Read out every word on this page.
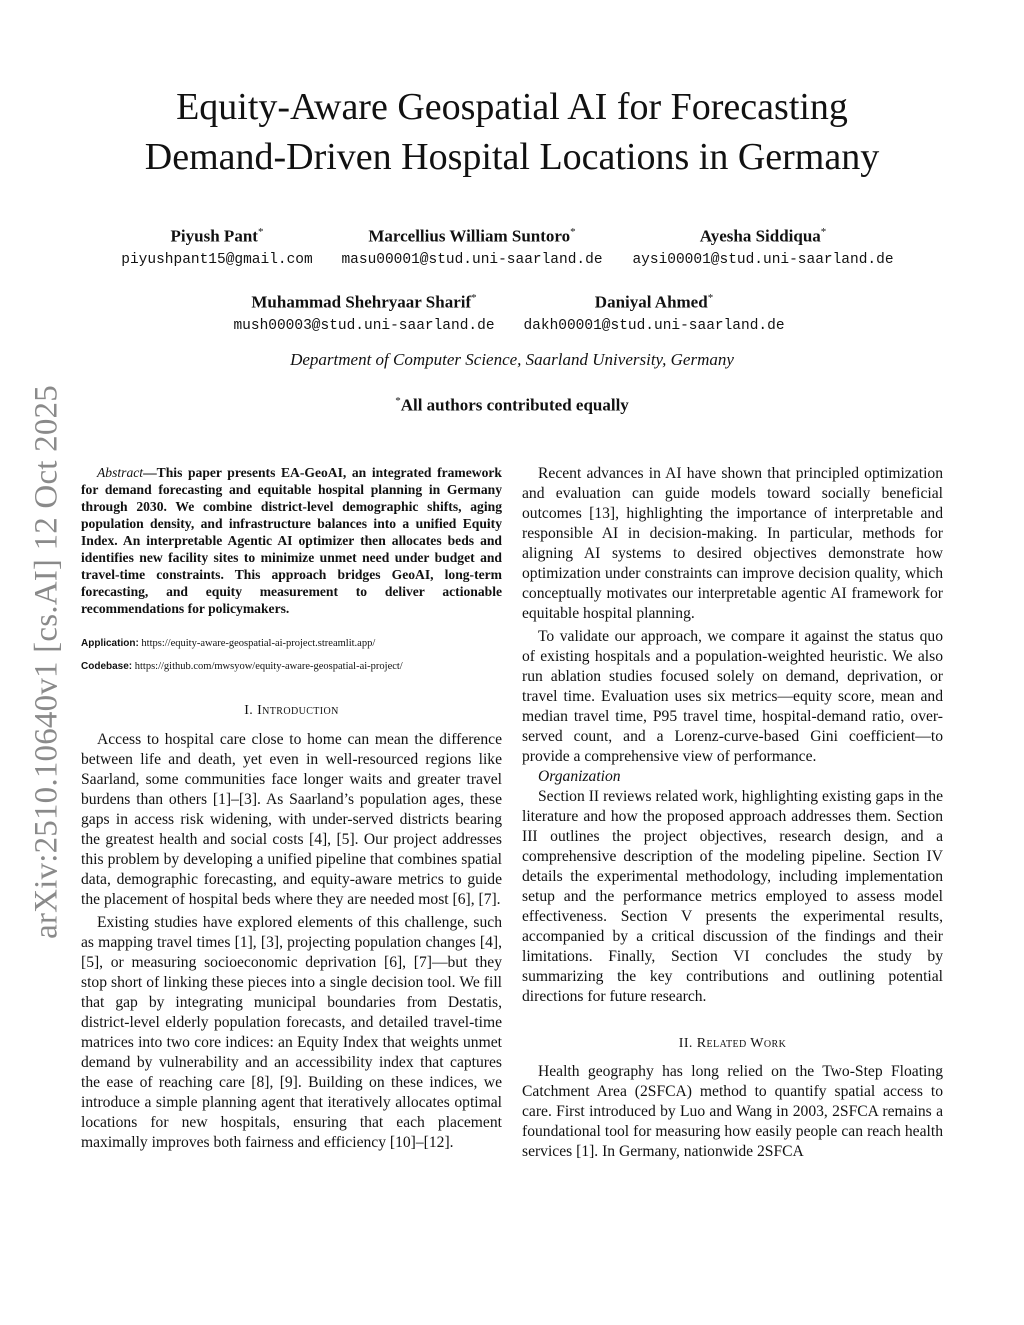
arXiv:2510.10640v1 [cs.AI] 12 Oct 2025
Equity-Aware Geospatial AI for Forecasting
Demand-Driven Hospital Locations in Germany
Piyush Pant*
piyushpant15@gmail.com
Marcellius William Suntoro*
masu00001@stud.uni-saarland.de
Ayesha Siddiqua*
aysi00001@stud.uni-saarland.de
Muhammad Shehryaar Sharif*
mush00003@stud.uni-saarland.de
Daniyal Ahmed*
dakh00001@stud.uni-saarland.de
Department of Computer Science, Saarland University, Germany
*All authors contributed equally

Abstract—This paper presents EA-GeoAI, an integrated framework for demand forecasting and equitable hospital planning in Germany through 2030. We combine district-level demographic shifts, aging population density, and infrastructure balances into a unified Equity Index. An interpretable Agentic AI optimizer then allocates beds and identifies new facility sites to minimize unmet need under budget and travel-time constraints. This approach bridges GeoAI, long-term forecasting, and equity measurement to deliver actionable recommendations for policymakers.

Application: https://equity-aware-geospatial-ai-project.streamlit.app/
Codebase: https://github.com/mwsyow/equity-aware-geospatial-ai-project/
I. Introduction

Access to hospital care close to home can mean the difference between life and death, yet even in well-resourced regions like Saarland, some communities face longer waits and greater travel burdens than others [1]–[3]. As Saarland’s population ages, these gaps in access risk widening, with under-served districts bearing the greatest health and social costs [4], [5]. Our project addresses this problem by developing a unified pipeline that combines spatial data, demographic forecasting, and equity-aware metrics to guide the placement of hospital beds where they are needed most [6], [7].

Existing studies have explored elements of this challenge, such as mapping travel times [1], [3], projecting population changes [4], [5], or measuring socioeconomic deprivation [6], [7]—but they stop short of linking these pieces into a single decision tool. We fill that gap by integrating municipal boundaries from Destatis, district-level elderly population forecasts, and detailed travel-time matrices into two core indices: an Equity Index that weights unmet demand by vulnerability and an accessibility index that captures the ease of reaching care [8], [9]. Building on these indices, we introduce a simple planning agent that iteratively allocates optimal locations for new hospitals, ensuring that each placement maximally improves both fairness and efficiency [10]–[12].

Recent advances in AI have shown that principled optimization and evaluation can guide models toward socially beneficial outcomes [13], highlighting the importance of interpretable and responsible AI in decision-making. In particular, methods for aligning AI systems to desired objectives demonstrate how optimization under constraints can improve decision quality, which conceptually motivates our interpretable agentic AI framework for equitable hospital planning.

To validate our approach, we compare it against the status quo of existing hospitals and a population-weighted heuristic. We also run ablation studies focused solely on demand, deprivation, or travel time. Evaluation uses six metrics—equity score, mean and median travel time, P95 travel time, hospital-demand ratio, over-served count, and a Lorenz-curve-based Gini coefficient—to provide a comprehensive view of performance.

Organization

Section II reviews related work, highlighting existing gaps in the literature and how the proposed approach addresses them. Section III outlines the project objectives, research design, and a comprehensive description of the modeling pipeline. Section IV details the experimental methodology, including implementation setup and the performance metrics employed to assess model effectiveness. Section V presents the experimental results, accompanied by a critical discussion of the findings and their limitations. Finally, Section VI concludes the study by summarizing the key contributions and outlining potential directions for future research.

II. Related Work

Health geography has long relied on the Two-Step Floating Catchment Area (2SFCA) method to quantify spatial access to care. First introduced by Luo and Wang in 2003, 2SFCA remains a foundational tool for measuring how easily people can reach health services [1]. In Germany, nationwide 2SFCA
